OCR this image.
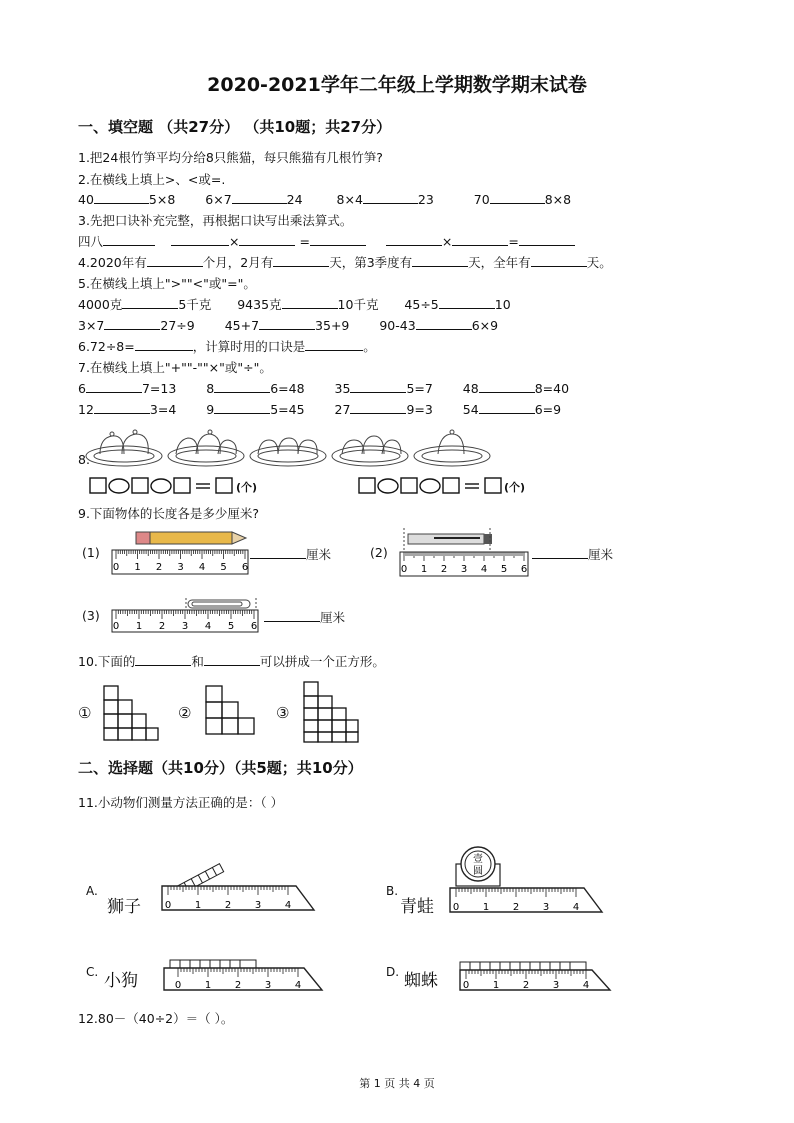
2020-2021学年二年级上学期数学期末试卷
一、填空题 （共27分） （共10题；共27分）
1.把24根竹笋平均分给8只熊猫，每只熊猫有几根竹笋?
2.在横线上填上>、<或=.
40	5×8 6×7	24	8×4	23	70	8×8
3.先把口诀补充完整，再根据口诀写出乘法算式。
四八	×	=	×	=
4.2020年有	个月，2月有	天，第3季度有	天，全年有	天。
5.在横线上填上">""<"或"="。
4000克	5千克 9435克	10千克 45÷5	10
3×7	27÷9 45+7	35+9 90-43	6×9
6.72÷8=	，计算时用的口诀是	。
7.在横线上填上"+""-""×"或"÷"。
6	7=13 8	6=48 35	5=7 48	8=40
12	3=4 9	5=45 27	9=3 54	6=9
8.
(个)	(个)
9.下面物体的长度各是多少厘米?
(1)
0 1 2 3 4 5 6
厘米	(2)
0 1 2 3 4 5 6
厘米
(3)
0 1 2 3 4 5 6
厘米
10.下面的	和	可以拼成一个正方形。
①	②	③
二、选择题（共10分）（共5题；共10分）
11.小动物们测量方法正确的是：（ ）
A.
狮子 0 1 2 3 4
B.
青蛙
壹
圆
0 1 2 3 4
C. 小狗	0 1 2 3 4
D. 蜘蛛 0 1 2 3 4
12.80－（40÷2）＝（ ）。
第 1 页 共 4 页
